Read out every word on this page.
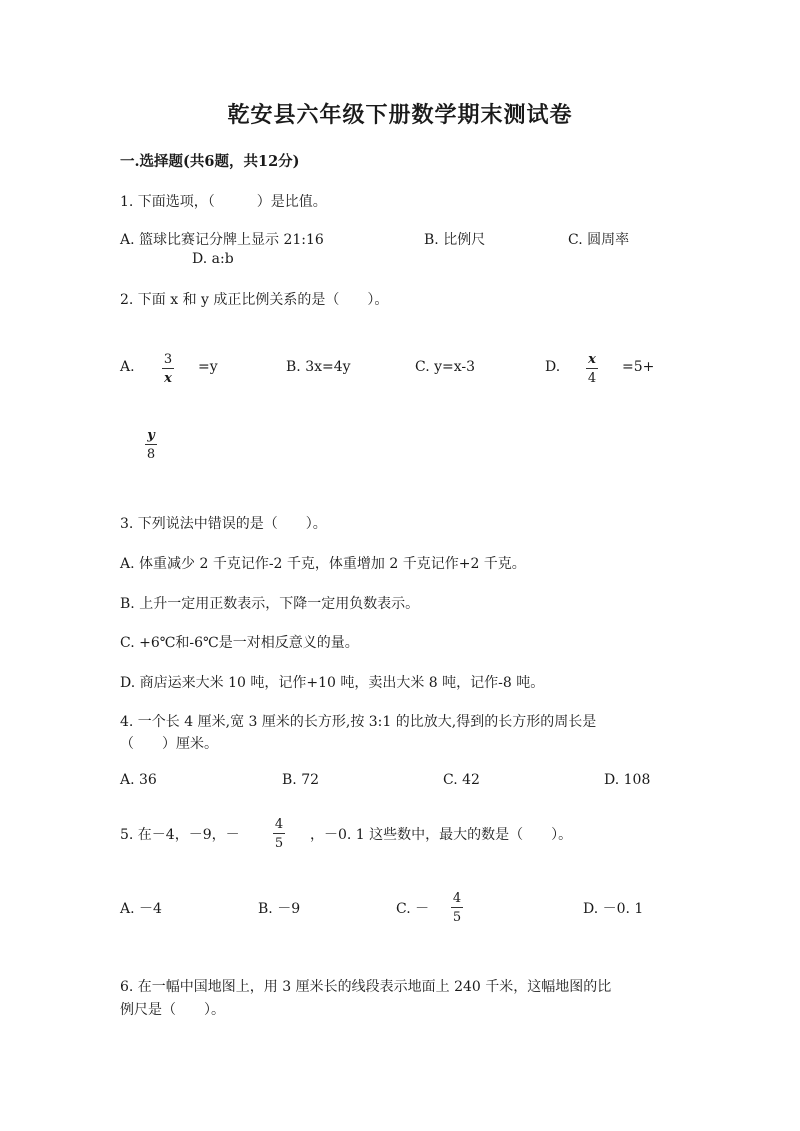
乾安县六年级下册数学期末测试卷
一.选择题(共6题，共12分)
1. 下面选项，（　　　）是比值。
A. 篮球比赛记分牌上显示 21:16	B. 比例尺	C. 圆周率
D. a:b
2. 下面 x 和 y 成正比例关系的是（　　）。
A. 3
x
=y	B. 3x=4y	C. y=x-3	D. x
4
=5+
y
8
3. 下列说法中错误的是（　　）。
A. 体重减少 2 千克记作-2 千克，体重增加 2 千克记作+2 千克。
B. 上升一定用正数表示，下降一定用负数表示。
C. +6℃和-6℃是一对相反意义的量。
D. 商店运来大米 10 吨，记作+10 吨，卖出大米 8 吨，记作-8 吨。
4. 一个长 4 厘米,宽 3 厘米的长方形,按 3:1 的比放大,得到的长方形的周长是
（　　）厘米。
A. 36	B. 72	C. 42	D. 108
5. 在－4，－9，－
4
5
，－0. 1 这些数中，最大的数是（　　）。
A. －4	B. －9	C. －
4
5
D. －0. 1
6. 在一幅中国地图上，用 3 厘米长的线段表示地面上 240 千米，这幅地图的比
例尺是（　　）。
